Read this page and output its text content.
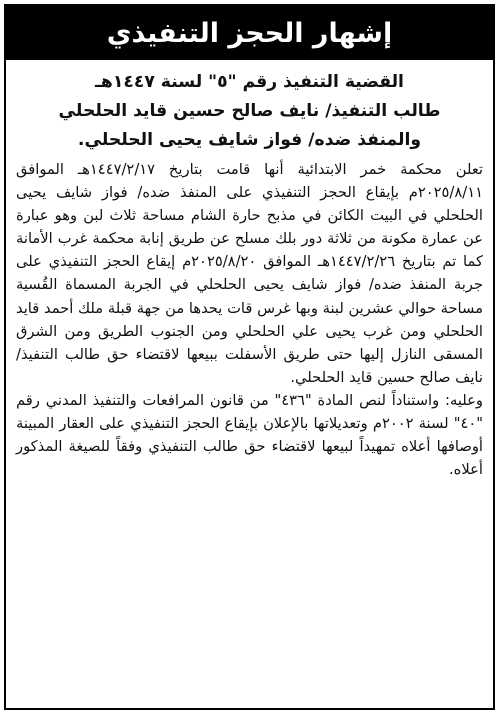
إشهار الحجز التنفيذي
القضية التنفيذ رقم "٥" لسنة ١٤٤٧هـ
طالب التنفيذ/ نايف صالح حسين قايد الحلحلي
والمنفذ ضده/ فواز شايف يحيى الحلحلي.

تعلن محكمة خمر الابتدائية أنها قامت بتاريخ ١٤٤٧/٢/١٧هـ الموافق ٢٠٢٥/٨/١١م بإيقاع الحجز التنفيذي على المنفذ ضده/ فواز شايف يحيى الحلحلي في البيت الكائن في مذبح حارة الشام مساحة ثلاث لبن وهو عبارة عن عمارة مكونة من ثلاثة دور بلك مسلح عن طريق إنابة محكمة غرب الأمانة كما تم بتاريخ ١٤٤٧/٢/٢٦هـ الموافق ٢٠٢٥/٨/٢٠م إيقاع الحجز التنفيذي على جربة المنفذ ضده/ فواز شايف يحيى الحلحلي في الجربة المسماة القُسية مساحة حوالي عشرين لبنة وبها غرس قات يحدها من جهة قبلة ملك أحمد قايد الحلحلي ومن غرب يحيى علي الحلحلي ومن الجنوب الطريق ومن الشرق المسقى النازل إليها حتى طريق الأسفلت ببيعها لاقتضاء حق طالب التنفيذ/ نايف صالح حسين قايد الحلحلي.

وعليه: واستناداً لنص المادة "٤٣٦" من قانون المرافعات والتنفيذ المدني رقم "٤٠" لسنة ٢٠٠٢م وتعديلاتها بالإعلان بإيقاع الحجز التنفيذي على العقار المبينة أوصافها أعلاه تمهيداً لبيعها لاقتضاء حق طالب التنفيذي وفقاً للصيغة المذكور أعلاه.
